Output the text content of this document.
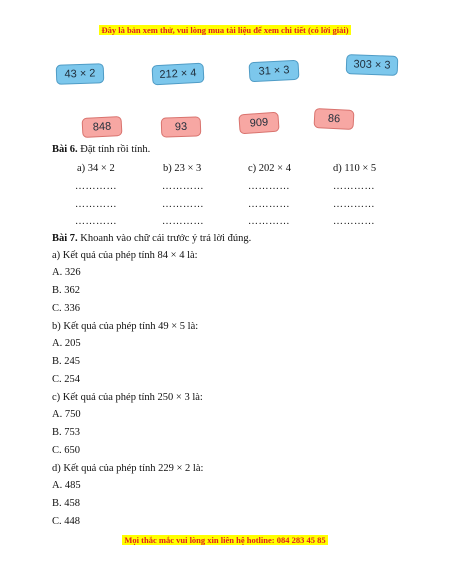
Đây là bản xem thử, vui lòng mua tài liệu để xem chi tiết (có lời giải)
43 × 2	212 × 4	31 × 3	303 × 3
848	93	909	86
Bài 6. Đặt tính rồi tính.
a) 34 × 2	b) 23 × 3	c) 202 × 4	d) 110 × 5
…………	…………	…………	…………
…………	…………	…………	…………
…………	…………	…………	…………
Bài 7. Khoanh vào chữ cái trước ý trả lời đúng.
a) Kết quả của phép tính 84 × 4 là:
A. 326
B. 362
C. 336
b) Kết quả của phép tính 49 × 5 là:
A. 205
B. 245
C. 254
c) Kết quả của phép tính 250 × 3 là:
A. 750
B. 753
C. 650
d) Kết quả của phép tính 229 × 2 là:
A. 485
B. 458
C. 448
Mọi thắc mắc vui lòng xin liên hệ hotline: 084 283 45 85
